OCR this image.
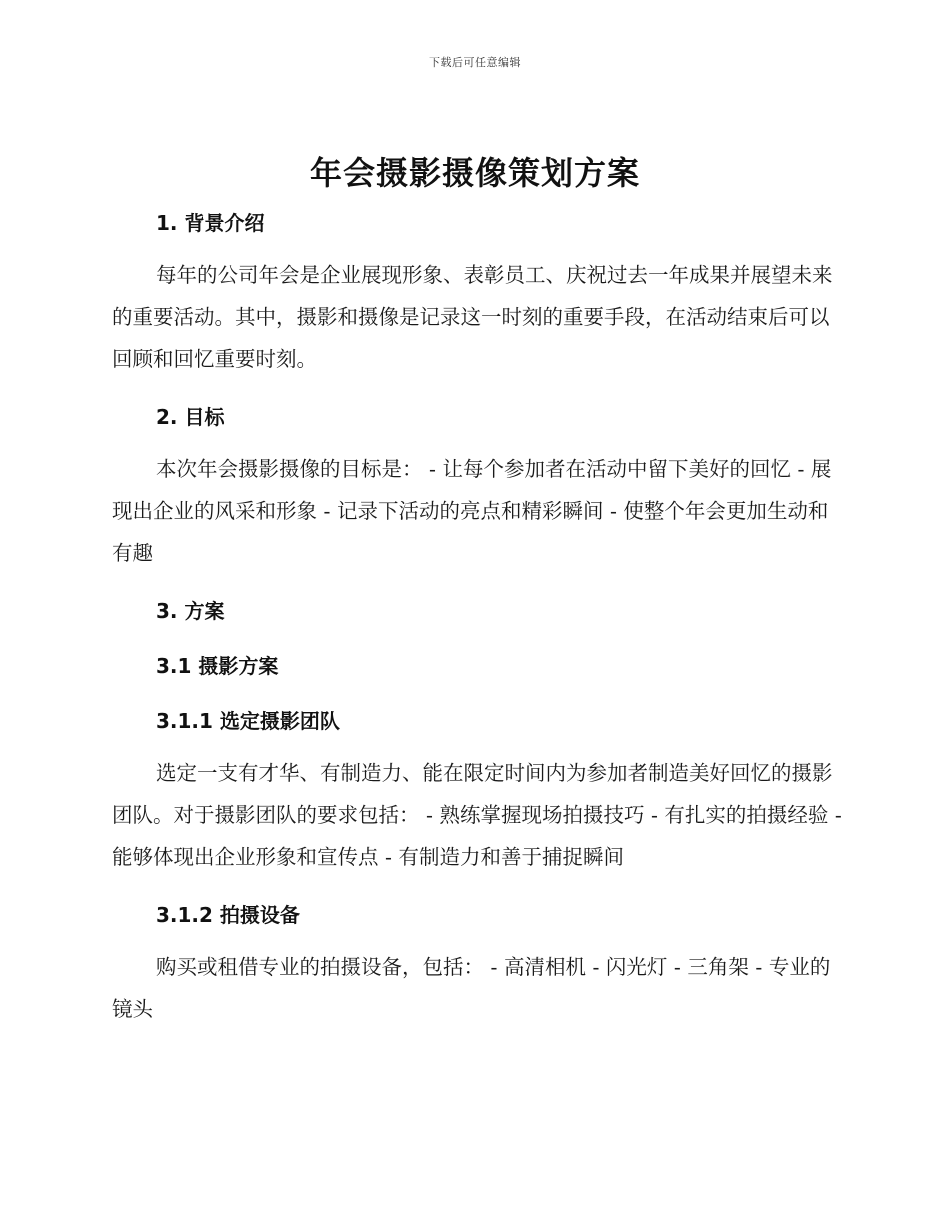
下载后可任意编辑
年会摄影摄像策划方案
1. 背景介绍

每年的公司年会是企业展现形象、表彰员工、庆祝过去一年成果并展望未来的重要活动。其中，摄影和摄像是记录这一时刻的重要手段，在活动结束后可以回顾和回忆重要时刻。

2. 目标

本次年会摄影摄像的目标是： - 让每个参加者在活动中留下美好的回忆 - 展现出企业的风采和形象 - 记录下活动的亮点和精彩瞬间 - 使整个年会更加生动和有趣

3. 方案
3.1 摄影方案
3.1.1 选定摄影团队

选定一支有才华、有制造力、能在限定时间内为参加者制造美好回忆的摄影团队。对于摄影团队的要求包括： - 熟练掌握现场拍摄技巧 - 有扎实的拍摄经验 - 能够体现出企业形象和宣传点 - 有制造力和善于捕捉瞬间

3.1.2 拍摄设备

购买或租借专业的拍摄设备，包括： - 高清相机 - 闪光灯 - 三角架 - 专业的镜头
